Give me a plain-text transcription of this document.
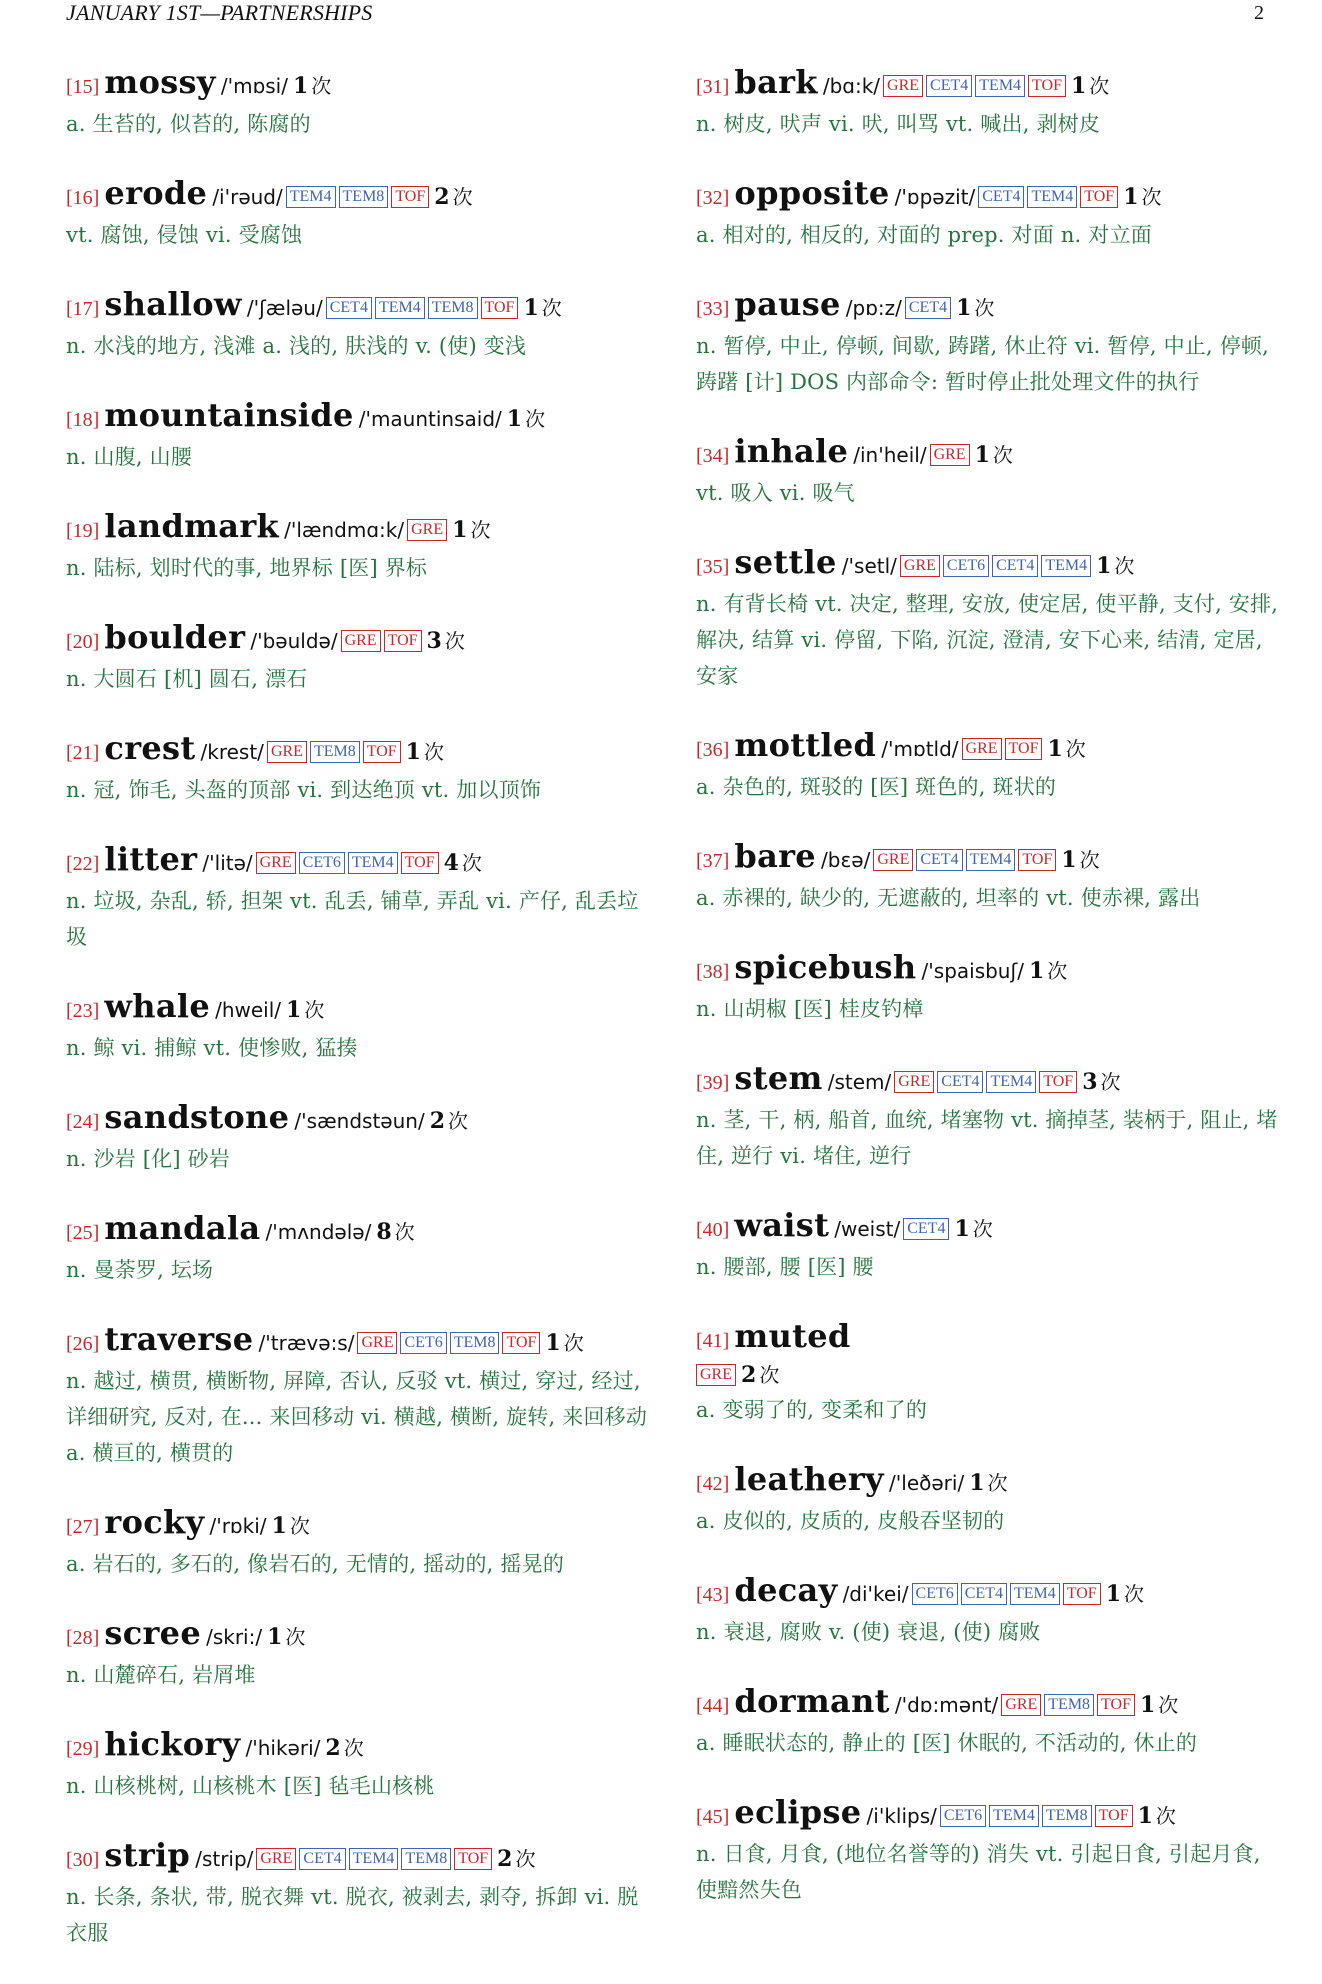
JANUARY 1ST—PARTNERSHIPS	2
[15] mossy /'mɒsi/ 1 次
a. 生苔的, 似苔的, 陈腐的
[16] erode /i'rəud/ TEM4 TEM8 TOF 2 次
vt. 腐蚀, 侵蚀 vi. 受腐蚀
[17] shallow /'ʃæləu/ CET4 TEM4 TEM8 TOF 1 次
n. 水浅的地方, 浅滩 a. 浅的, 肤浅的 v. (使) 变浅
[18] mountainside /'mauntinsaid/ 1 次
n. 山腹, 山腰
[19] landmark /'lændmɑ:k/ GRE 1 次
n. 陆标, 划时代的事, 地界标 [医] 界标
[20] boulder /'bəuldə/ GRE TOF 3 次
n. 大圆石 [机] 圆石, 漂石
[21] crest /krest/ GRE TEM8 TOF 1 次
n. 冠, 饰毛, 头盔的顶部 vi. 到达绝顶 vt. 加以顶饰
[22] litter /'litə/ GRE CET6 TEM4 TOF 4 次
n. 垃圾, 杂乱, 轿, 担架 vt. 乱丢, 铺草, 弄乱 vi. 产仔, 乱丢垃圾
[23] whale /hweil/ 1 次
n. 鲸 vi. 捕鲸 vt. 使惨败, 猛揍
[24] sandstone /'sændstəun/ 2 次
n. 沙岩 [化] 砂岩
[25] mandala /'mʌndələ/ 8 次
n. 曼荼罗, 坛场
[26] traverse /'trævə:s/ GRE CET6 TEM8 TOF 1 次
n. 越过, 横贯, 横断物, 屏障, 否认, 反驳 vt. 横过, 穿过, 经过, 详细研究, 反对, 在... 来回移动 vi. 横越, 横断, 旋转, 来回移动 a. 横亘的, 横贯的
[27] rocky /'rɒki/ 1 次
a. 岩石的, 多石的, 像岩石的, 无情的, 摇动的, 摇晃的
[28] scree /skri:/ 1 次
n. 山麓碎石, 岩屑堆
[29] hickory /'hikəri/ 2 次
n. 山核桃树, 山核桃木 [医] 毡毛山核桃
[30] strip /strip/ GRE CET4 TEM4 TEM8 TOF 2 次
n. 长条, 条状, 带, 脱衣舞 vt. 脱衣, 被剥去, 剥夺, 拆卸 vi. 脱衣服
[31] bark /bɑ:k/ GRE CET4 TEM4 TOF 1 次
n. 树皮, 吠声 vi. 吠, 叫骂 vt. 喊出, 剥树皮
[32] opposite /'ɒpəzit/ CET4 TEM4 TOF 1 次
a. 相对的, 相反的, 对面的 prep. 对面 n. 对立面
[33] pause /pɒ:z/ CET4 1 次
n. 暂停, 中止, 停顿, 间歇, 踌躇, 休止符 vi. 暂停, 中止, 停顿, 踌躇 [计] DOS 内部命令: 暂时停止批处理文件的执行
[34] inhale /in'heil/ GRE 1 次
vt. 吸入 vi. 吸气
[35] settle /'setl/ GRE CET6 CET4 TEM4 1 次
n. 有背长椅 vt. 决定, 整理, 安放, 使定居, 使平静, 支付, 安排, 解决, 结算 vi. 停留, 下陷, 沉淀, 澄清, 安下心来, 结清, 定居, 安家
[36] mottled /'mɒtld/ GRE TOF 1 次
a. 杂色的, 斑驳的 [医] 斑色的, 斑状的
[37] bare /bɛə/ GRE CET4 TEM4 TOF 1 次
a. 赤裸的, 缺少的, 无遮蔽的, 坦率的 vt. 使赤裸, 露出
[38] spicebush /'spaisbuʃ/ 1 次
n. 山胡椒 [医] 桂皮钓樟
[39] stem /stem/ GRE CET4 TEM4 TOF 3 次
n. 茎, 干, 柄, 船首, 血统, 堵塞物 vt. 摘掉茎, 装柄于, 阻止, 堵住, 逆行 vi. 堵住, 逆行
[40] waist /weist/ CET4 1 次
n. 腰部, 腰 [医] 腰
[41] muted
GRE 2 次
a. 变弱了的, 变柔和了的
[42] leathery /'leðəri/ 1 次
a. 皮似的, 皮质的, 皮般吞坚韧的
[43] decay /di'kei/ CET6 CET4 TEM4 TOF 1 次
n. 衰退, 腐败 v. (使) 衰退, (使) 腐败
[44] dormant /'dɒ:mənt/ GRE TEM8 TOF 1 次
a. 睡眠状态的, 静止的 [医] 休眠的, 不活动的, 休止的
[45] eclipse /i'klips/ CET6 TEM4 TEM8 TOF 1 次
n. 日食, 月食, (地位名誉等的) 消失 vt. 引起日食, 引起月食, 使黯然失色
